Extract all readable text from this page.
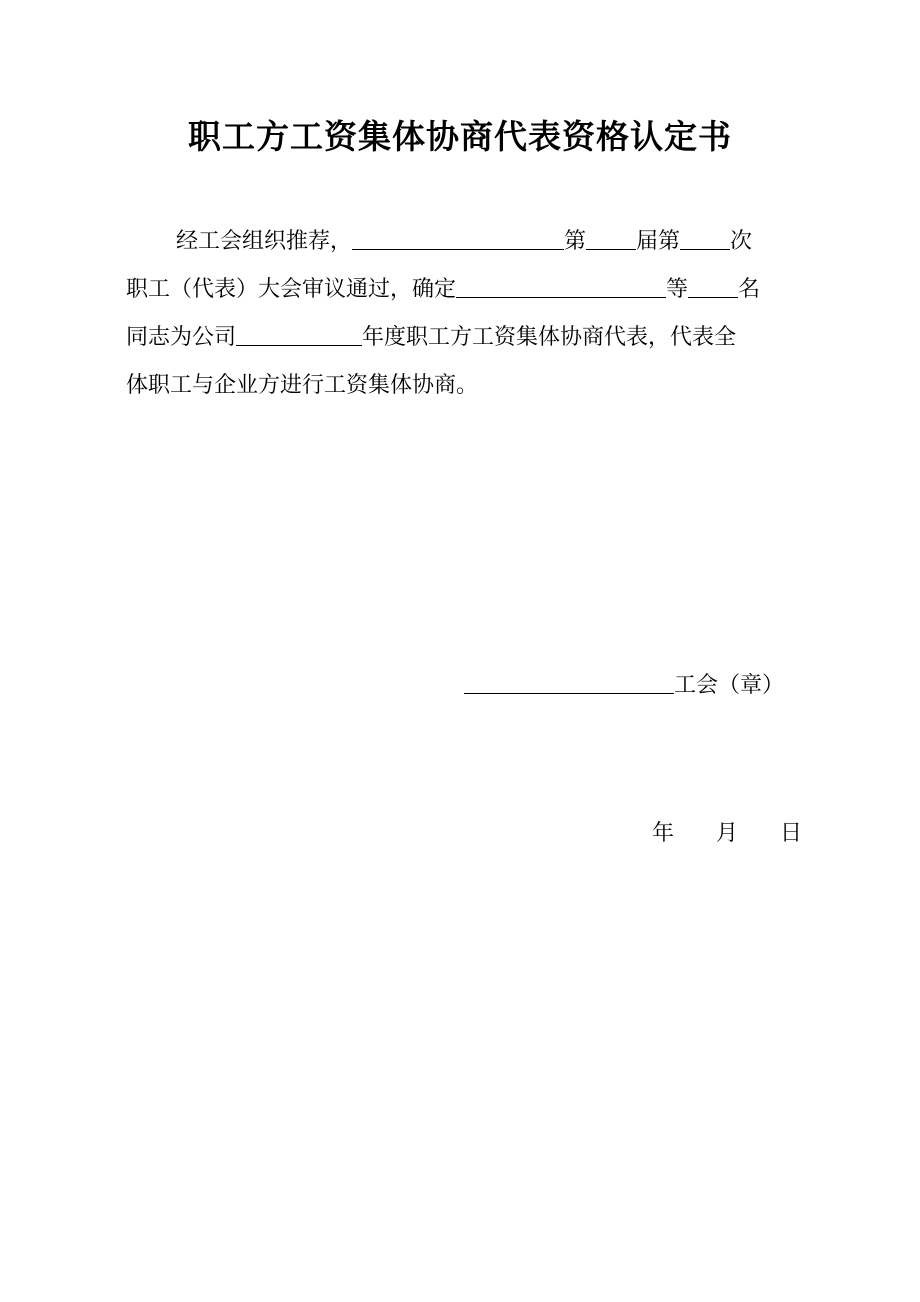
职工方工资集体协商代表资格认定书
经工会组织推荐，	第 届第 次
职工（代表）大会审议通过，确定	等 名
同志为公司	年度职工方工资集体协商代表，代表全
体职工与企业方进行工资集体协商。
工会（章）
年 月 日
